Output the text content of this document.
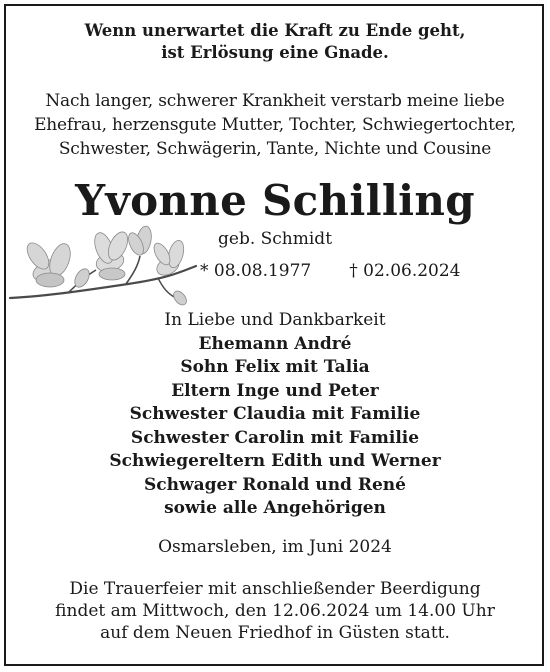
Wenn unerwartet die Kraft zu Ende geht,
ist Erlösung eine Gnade.
Nach langer, schwerer Krankheit verstarb meine liebe
Ehefrau, herzensgute Mutter, Tochter, Schwiegertochter,
Schwester, Schwägerin, Tante, Nichte und Cousine
Yvonne Schilling
geb. Schmidt
* 08.08.1977 † 02.06.2024
In Liebe und Dankbarkeit
Ehemann André
Sohn Felix mit Talia
Eltern Inge und Peter
Schwester Claudia mit Familie
Schwester Carolin mit Familie
Schwiegereltern Edith und Werner
Schwager Ronald und René
sowie alle Angehörigen
Osmarsleben, im Juni 2024
Die Trauerfeier mit anschließender Beerdigung
findet am Mittwoch, den 12.06.2024 um 14.00 Uhr
auf dem Neuen Friedhof in Güsten statt.
